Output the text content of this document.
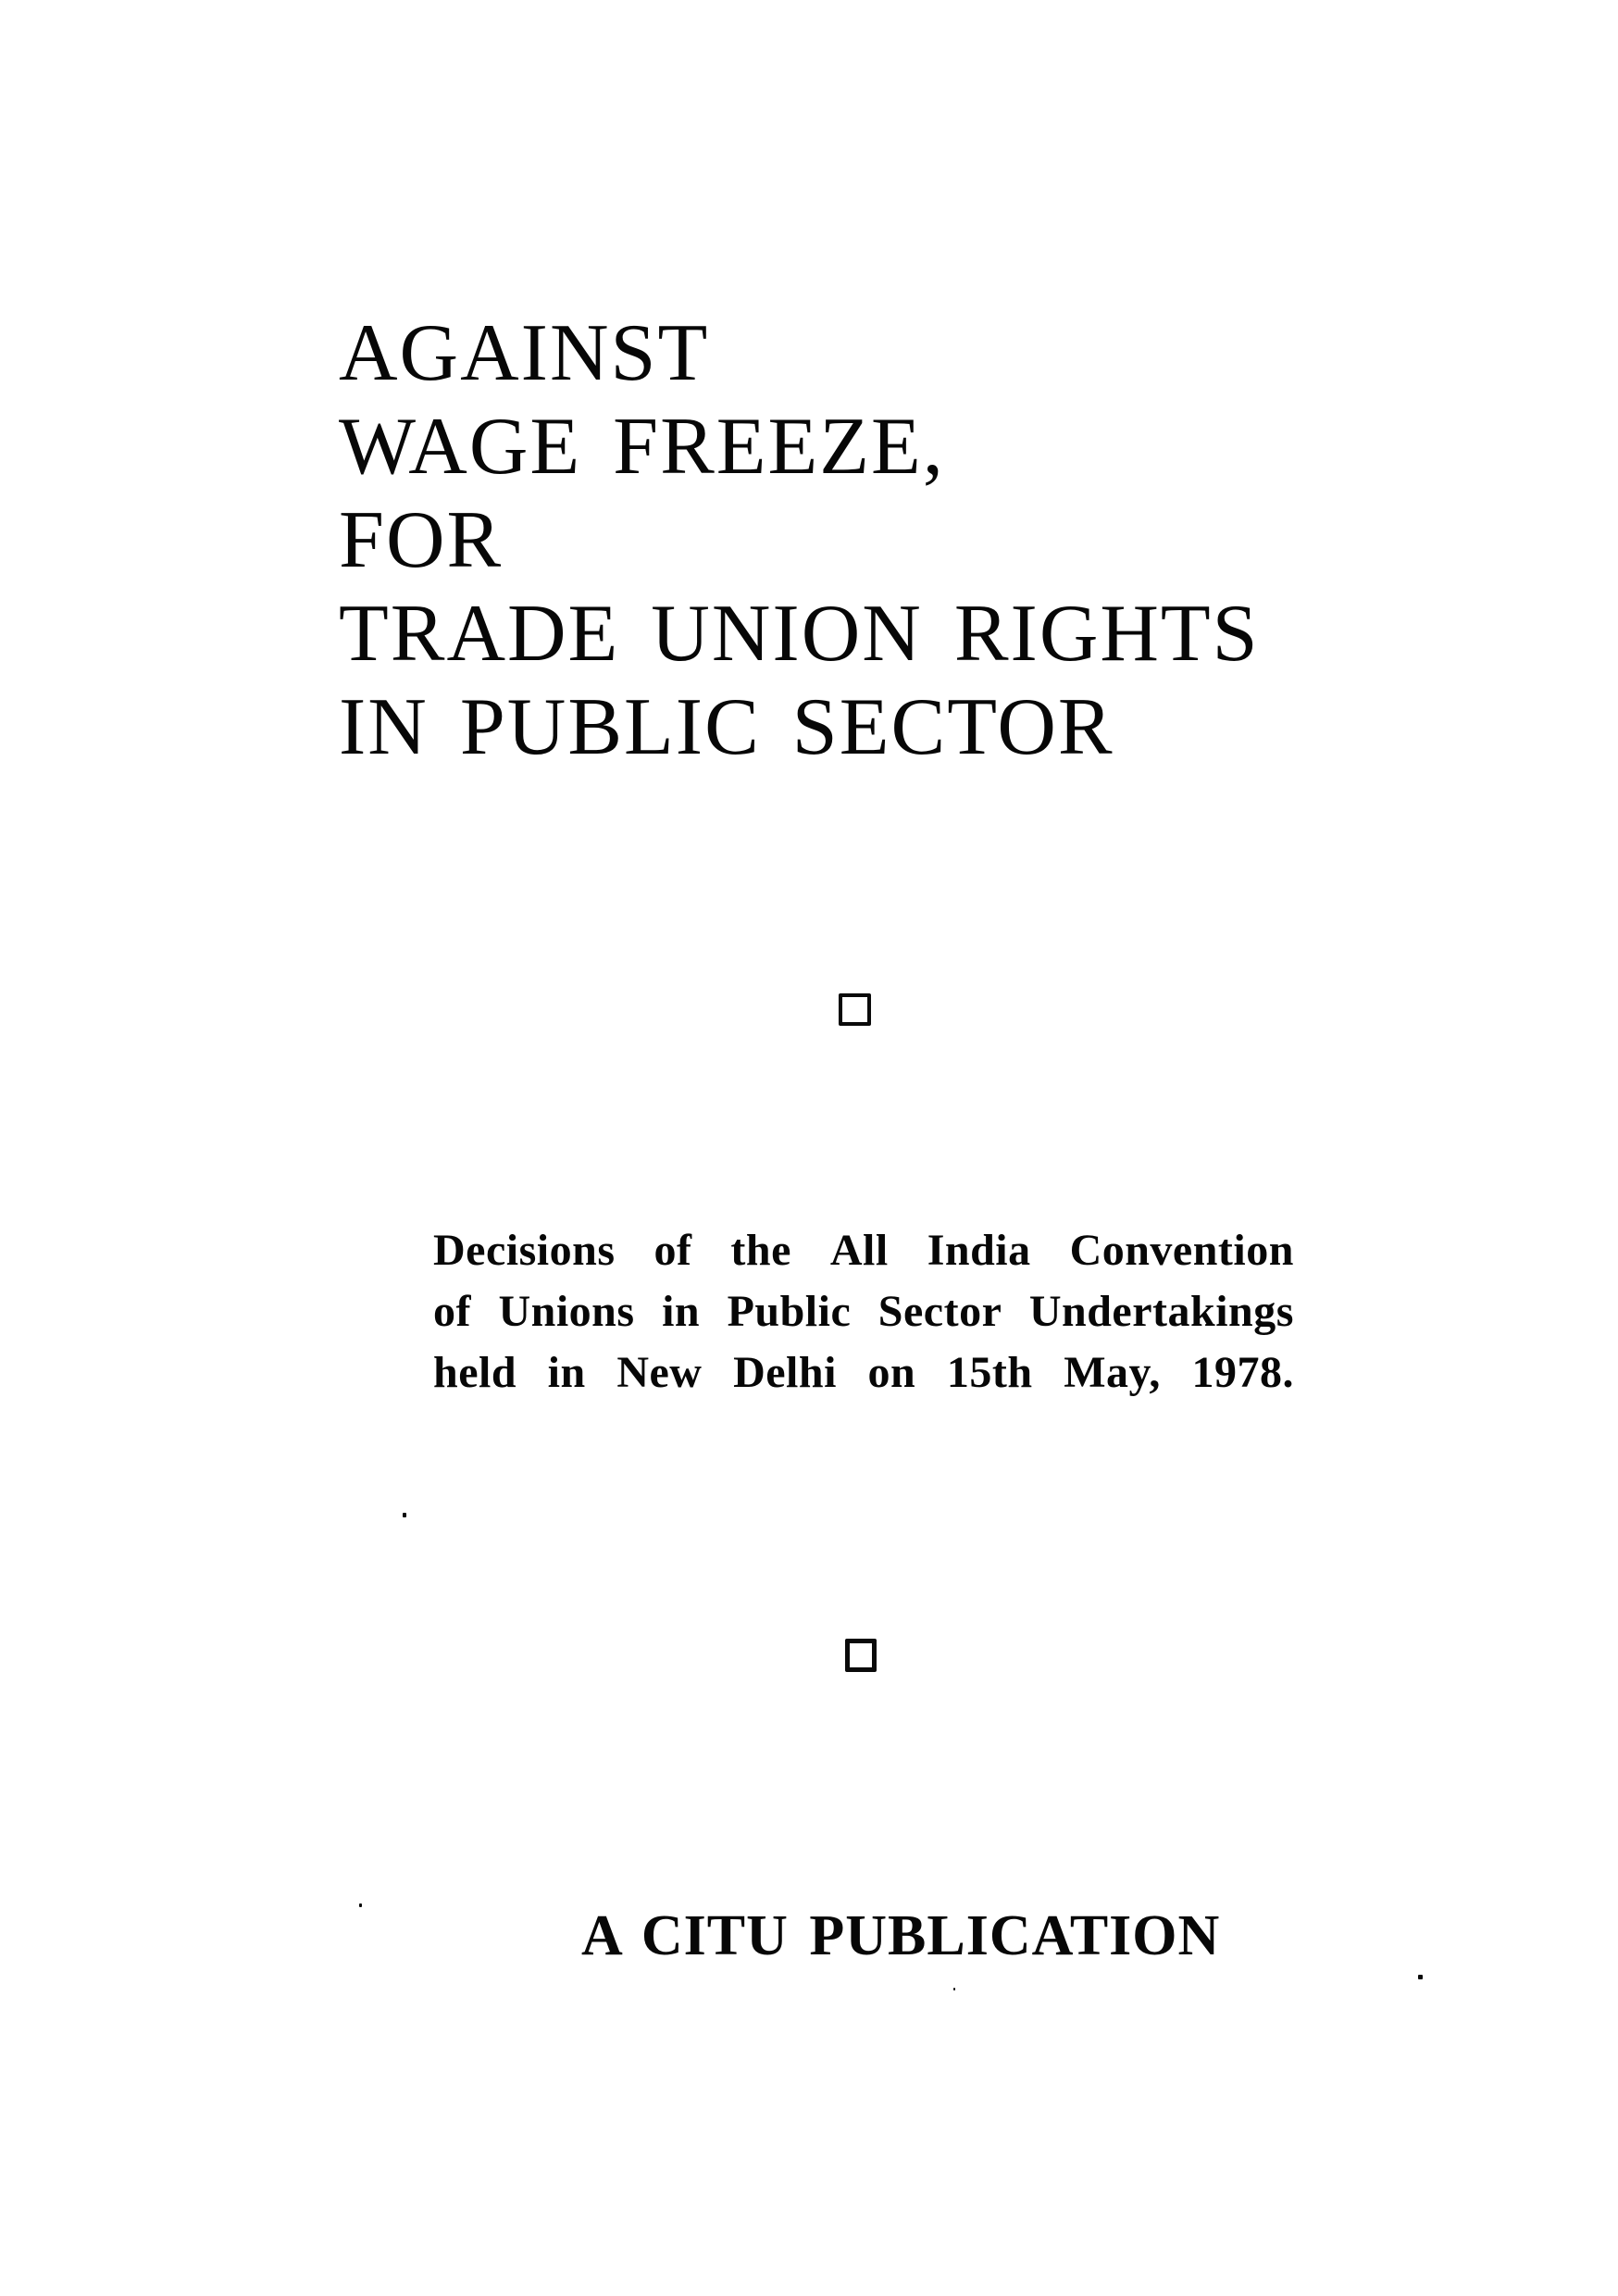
AGAINST
WAGE FREEZE,
FOR
TRADE UNION RIGHTS
IN PUBLIC SECTOR
Decisions of the All India Convention
of Unions in Public Sector Undertakings
held in New Delhi on 15th May, 1978.
A CITU PUBLICATION
